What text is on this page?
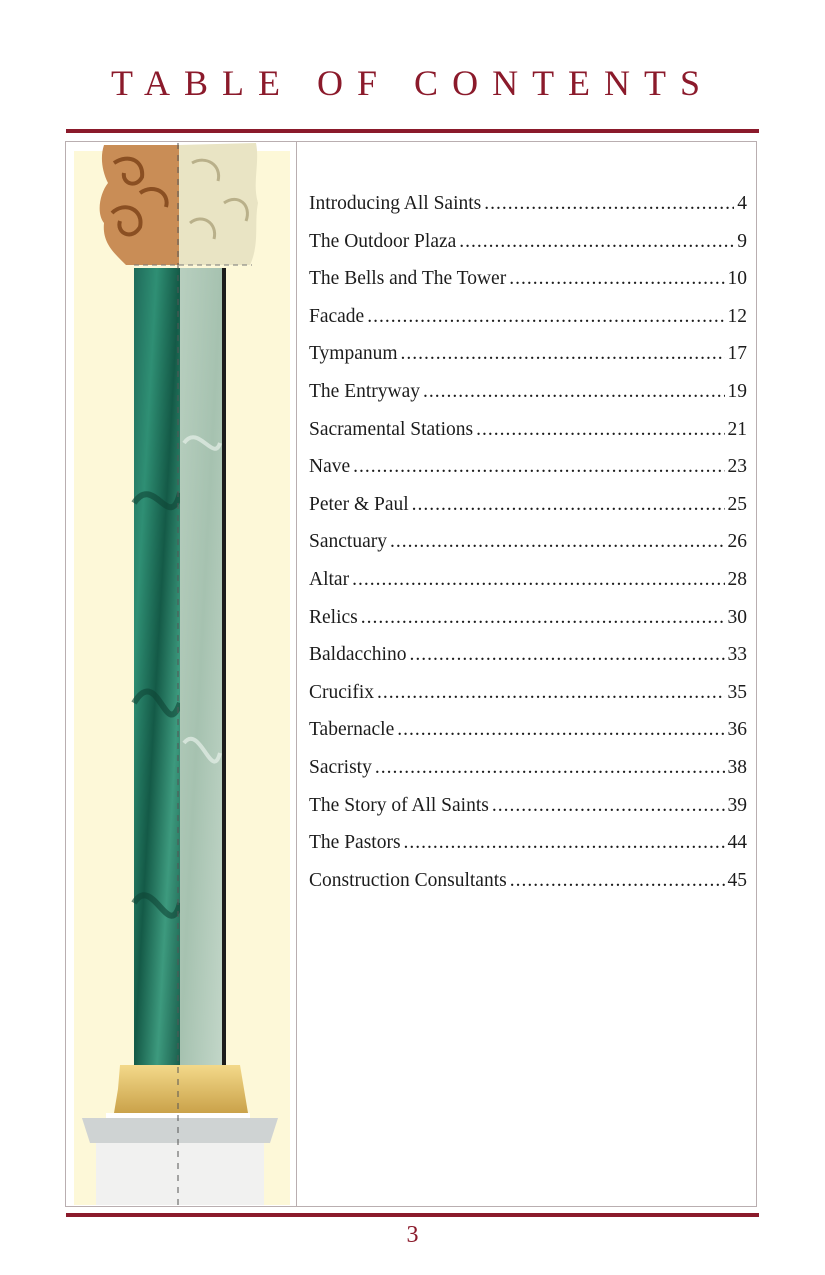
TABLE OF CONTENTS
Introducing All Saints .....	4
The Outdoor Plaza .....	9
The Bells and The Tower .....	10
Facade .....	12
Tympanum .....	17
The Entryway .....	19
Sacramental Stations .....	21
Nave .....	23
Peter & Paul .....	25
Sanctuary .....	26
Altar .....	28
Relics .....	30
Baldacchino .....	33
Crucifix .....	35
Tabernacle .....	36
Sacristy .....	38
The Story of All Saints .....	39
The Pastors .....	44
Construction Consultants .....	45
3
